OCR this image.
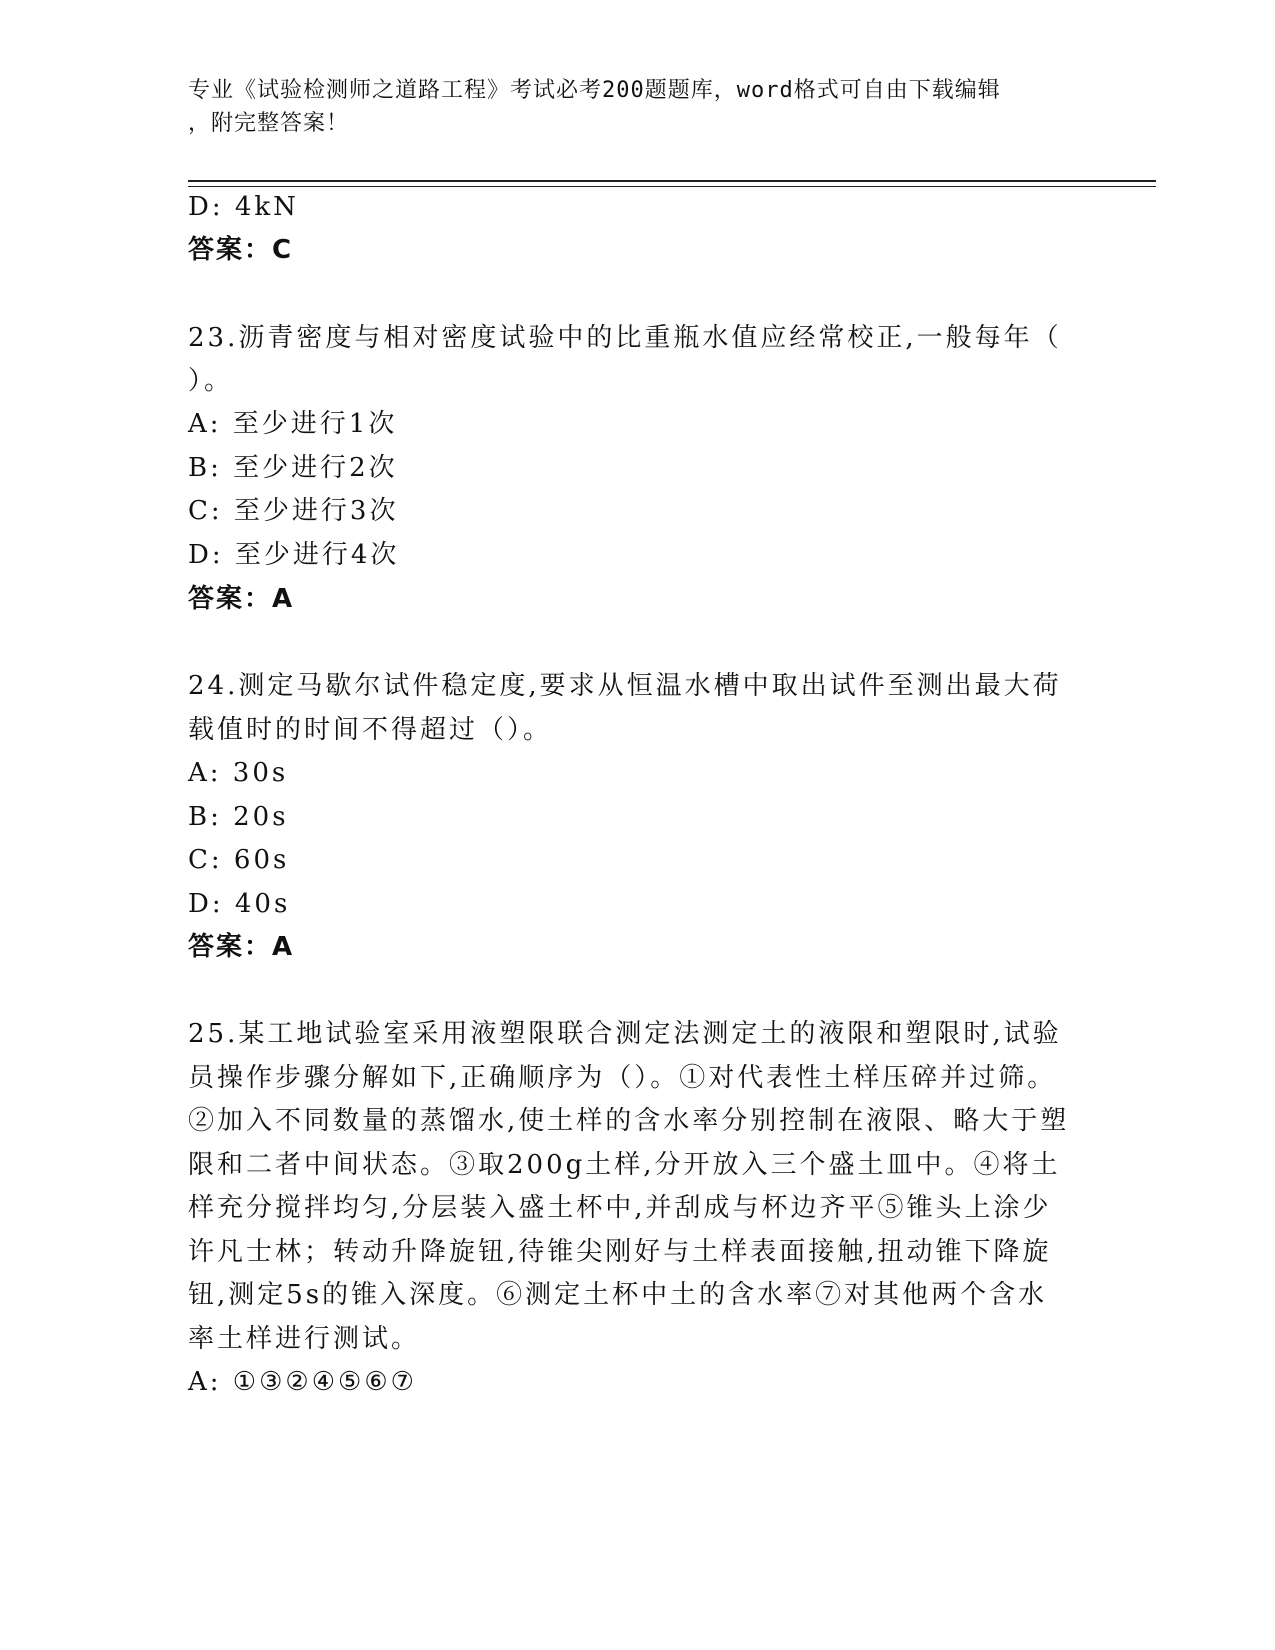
专业《试验检测师之道路工程》考试必考200题题库，word格式可自由下载编辑
，附完整答案！
D: 4kN
答案：C
23.沥青密度与相对密度试验中的比重瓶水值应经常校正,一般每年（
）。
A: 至少进行1次
B: 至少进行2次
C: 至少进行3次
D: 至少进行4次
答案：A
24.测定马歇尔试件稳定度,要求从恒温水槽中取出试件至测出最大荷
载值时的时间不得超过（）。
A: 30s
B: 20s
C: 60s
D: 40s
答案：A
25.某工地试验室采用液塑限联合测定法测定土的液限和塑限时,试验
员操作步骤分解如下,正确顺序为（）。①对代表性土样压碎并过筛。
②加入不同数量的蒸馏水,使土样的含水率分别控制在液限、略大于塑
限和二者中间状态。③取200g土样,分开放入三个盛土皿中。④将土
样充分搅拌均匀,分层装入盛土杯中,并刮成与杯边齐平⑤锥头上涂少
许凡士林；转动升降旋钮,待锥尖刚好与土样表面接触,扭动锥下降旋
钮,测定5s的锥入深度。⑥测定土杯中土的含水率⑦对其他两个含水
率土样进行测试。
A: ①③②④⑤⑥⑦
